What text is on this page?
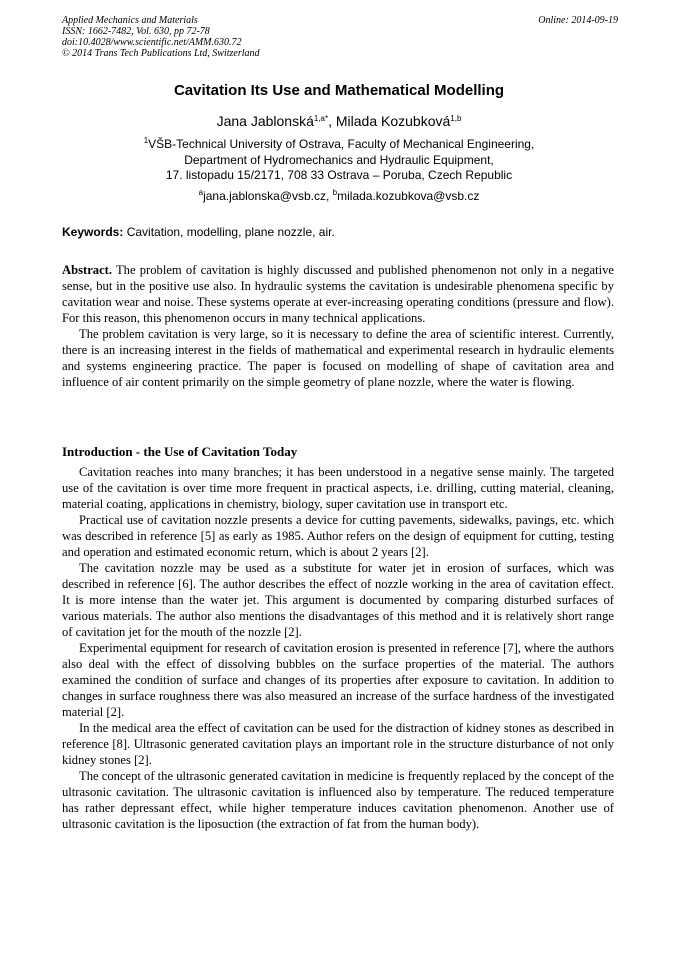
Applied Mechanics and Materials
ISSN: 1662-7482, Vol. 630, pp 72-78
doi:10.4028/www.scientific.net/AMM.630.72
© 2014 Trans Tech Publications Ltd, Switzerland
Online: 2014-09-19
Cavitation Its Use and Mathematical Modelling
Jana Jablonská$^{1,a*}$, Milada Kozubková$^{1,b}$
$^1$VŠB-Technical University of Ostrava, Faculty of Mechanical Engineering,
Department of Hydromechanics and Hydraulic Equipment,
17. listopadu 15/2171, 708 33 Ostrava – Poruba, Czech Republic
$^a$jana.jablonska@vsb.cz, $^b$milada.kozubkova@vsb.cz
Keywords: Cavitation, modelling, plane nozzle, air.

Abstract. The problem of cavitation is highly discussed and published phenomenon not only in a negative sense, but in the positive use also. In hydraulic systems the cavitation is undesirable phenomena specific by cavitation wear and noise. These systems operate at ever-increasing operating conditions (pressure and flow). For this reason, this phenomenon occurs in many technical applications.

The problem cavitation is very large, so it is necessary to define the area of scientific interest. Currently, there is an increasing interest in the fields of mathematical and experimental research in hydraulic elements and systems engineering practice. The paper is focused on modelling of shape of cavitation area and influence of air content primarily on the simple geometry of plane nozzle, where the water is flowing.

Introduction - the Use of Cavitation Today

Cavitation reaches into many branches; it has been understood in a negative sense mainly. The targeted use of the cavitation is over time more frequent in practical aspects, i.e. drilling, cutting material, cleaning, material coating, applications in chemistry, biology, super cavitation use in transport etc.

Practical use of cavitation nozzle presents a device for cutting pavements, sidewalks, pavings, etc. which was described in reference [5] as early as 1985. Author refers on the design of equipment for cutting, testing and operation and estimated economic return, which is about 2 years [2].

The cavitation nozzle may be used as a substitute for water jet in erosion of surfaces, which was described in reference [6]. The author describes the effect of nozzle working in the area of cavitation effect. It is more intense than the water jet. This argument is documented by comparing disturbed surfaces of various materials. The author also mentions the disadvantages of this method and it is relatively short range of cavitation jet for the mouth of the nozzle [2].

Experimental equipment for research of cavitation erosion is presented in reference [7], where the authors also deal with the effect of dissolving bubbles on the surface properties of the material. The authors examined the condition of surface and changes of its properties after exposure to cavitation. In addition to changes in surface roughness there was also measured an increase of the surface hardness of the investigated material [2].

In the medical area the effect of cavitation can be used for the distraction of kidney stones as described in reference [8]. Ultrasonic generated cavitation plays an important role in the structure disturbance of not only kidney stones [2].

The concept of the ultrasonic generated cavitation in medicine is frequently replaced by the concept of the ultrasonic cavitation. The ultrasonic cavitation is influenced also by temperature. The reduced temperature has rather depressant effect, while higher temperature induces cavitation phenomenon. Another use of ultrasonic cavitation is the liposuction (the extraction of fat from the human body).
